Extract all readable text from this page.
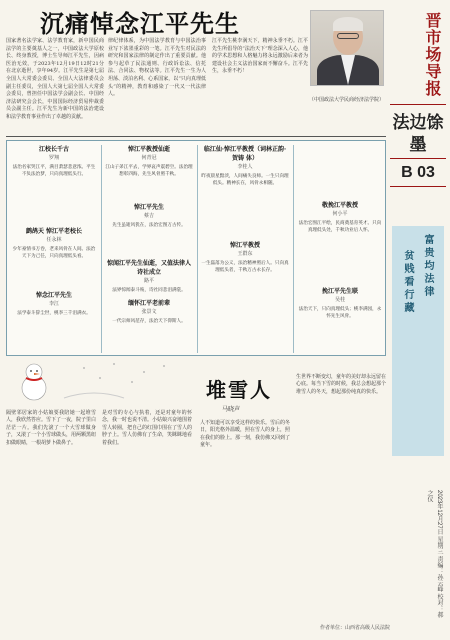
晋市场导报
法边馀墨
B 03
富贵均法律
贫贱看行藏
2023年12月27日 星期三 责编：孙云峰 校对：郝之仪
沉痛悼念江平先生
国家著名法学家、法学教育家，新中国民商法学的主要奠基人之一，中国政法大学原校长、终身教授，博士生导师江平先生，因病医治无效，于2023年12月19日12时21分在北京逝世，享年94岁。江平先生是第七届全国人大常委会委员、全国人大法律委员会副主任委员，全国人大第七届全国人大常委会委员，曾担任中国法学会副会长、中国经济法研究会会长，中国国际经济贸易仲裁委员会副主任。江平先生为新中国的法治建设和法学教育事业作出了卓越的贡献。
律纪律体系，为中国法学教育与中国法治事业写下浓墨重彩的一笔。江平先生对民法的研究和国家法律的制定作出了重要贡献。他参与起草了民法通则、行政诉讼法、信托法、合同法、物权法等。江平先生一生为人坦荡、淡泊名利、心系国家，以“只向真理低头”的精神，教育和感染了一代又一代法律人。
江平先生桃李满天下，精神永垂不朽。江平先生所倡导的“法治天下”理念深入人心，他的学术思想和人格魅力将永远激励后来者为建设社会主义法治国家而不懈奋斗。江平先生，永垂不朽！
（中国政法大学民商经济法学院）
江校长千古
罗翔
法治名家哭江平，满目萧瑟悲意浓。平生不负法治梦，只向真理低头行。
鹧鸪天 悼江平老校长
任永林
少年豪情书万卷，老来风骨在人间。法治天下为己任，只向真理低头看。
悼念江平先生
李江
法学泰斗辞尘世，桃李三千泪满衣。
悼江平教授仙逝
何青冠
江山子弟江平去，学界哀声震碧空。法治理想彰四海，先生风骨照千秋。
悼江平先生
蔡吉
先生虽逝风犹在，法治宏图万古传。
惊闻江平先生仙逝，又值法律人诗社成立
路平
法界惊闻泰斗殇，诗社同悲泪满裳。
缅怀江平老前辈
张景文
一代宗师风范存，法治天下仰斯人。
临江仙·悼江平教授（词林正韵·贺铸 体）
李桂人
昨夜晨星黯淡，人间痛失良师。一生只向理低头。精神长在，风骨永相随。
悼江平教授
王群东
一生磊落为公义，法治精神照后人。只向真理低头者，千秋万古永长存。
敬挽江平教授
何小平
法治宏图江平绘，民商奠基育英才。只向真理低头处，千秋功业后人怀。
挽江平先生联
吴桂
法治天下，只向真理低头；桃李满园，永怀先生风骨。
堆雪人
马晓声
隔壁邻居家的小姑娘要我陪她一起堆雪人，我欣然答应。雪下了一夜，院子里白茫茫一片。我们先滚了一个大雪球做身子，又滚了一个小雪球做头，用两颗黑纽扣做眼睛，一根胡萝卜做鼻子。
是对雪的专心与执着，还是对童年的怀念，我一时也说不清。小姑娘兴奋地围着雪人转圈，把自己的红围巾围在了雪人的脖子上。雪人仿佛有了生命，笑眯眯地看着我们。
人不知道可以享受这样的快乐。雪后的冬日，阳光格外温暖，照在雪人的身上，照在我们的脸上。那一刻，我仿佛又回到了童年。
生世界不断变幻，童年的美好却永远留在心底。每当下雪的时候，我总会想起那个堆雪人的冬天，想起那份纯真的快乐。
作者单位：山西省高级人民法院
